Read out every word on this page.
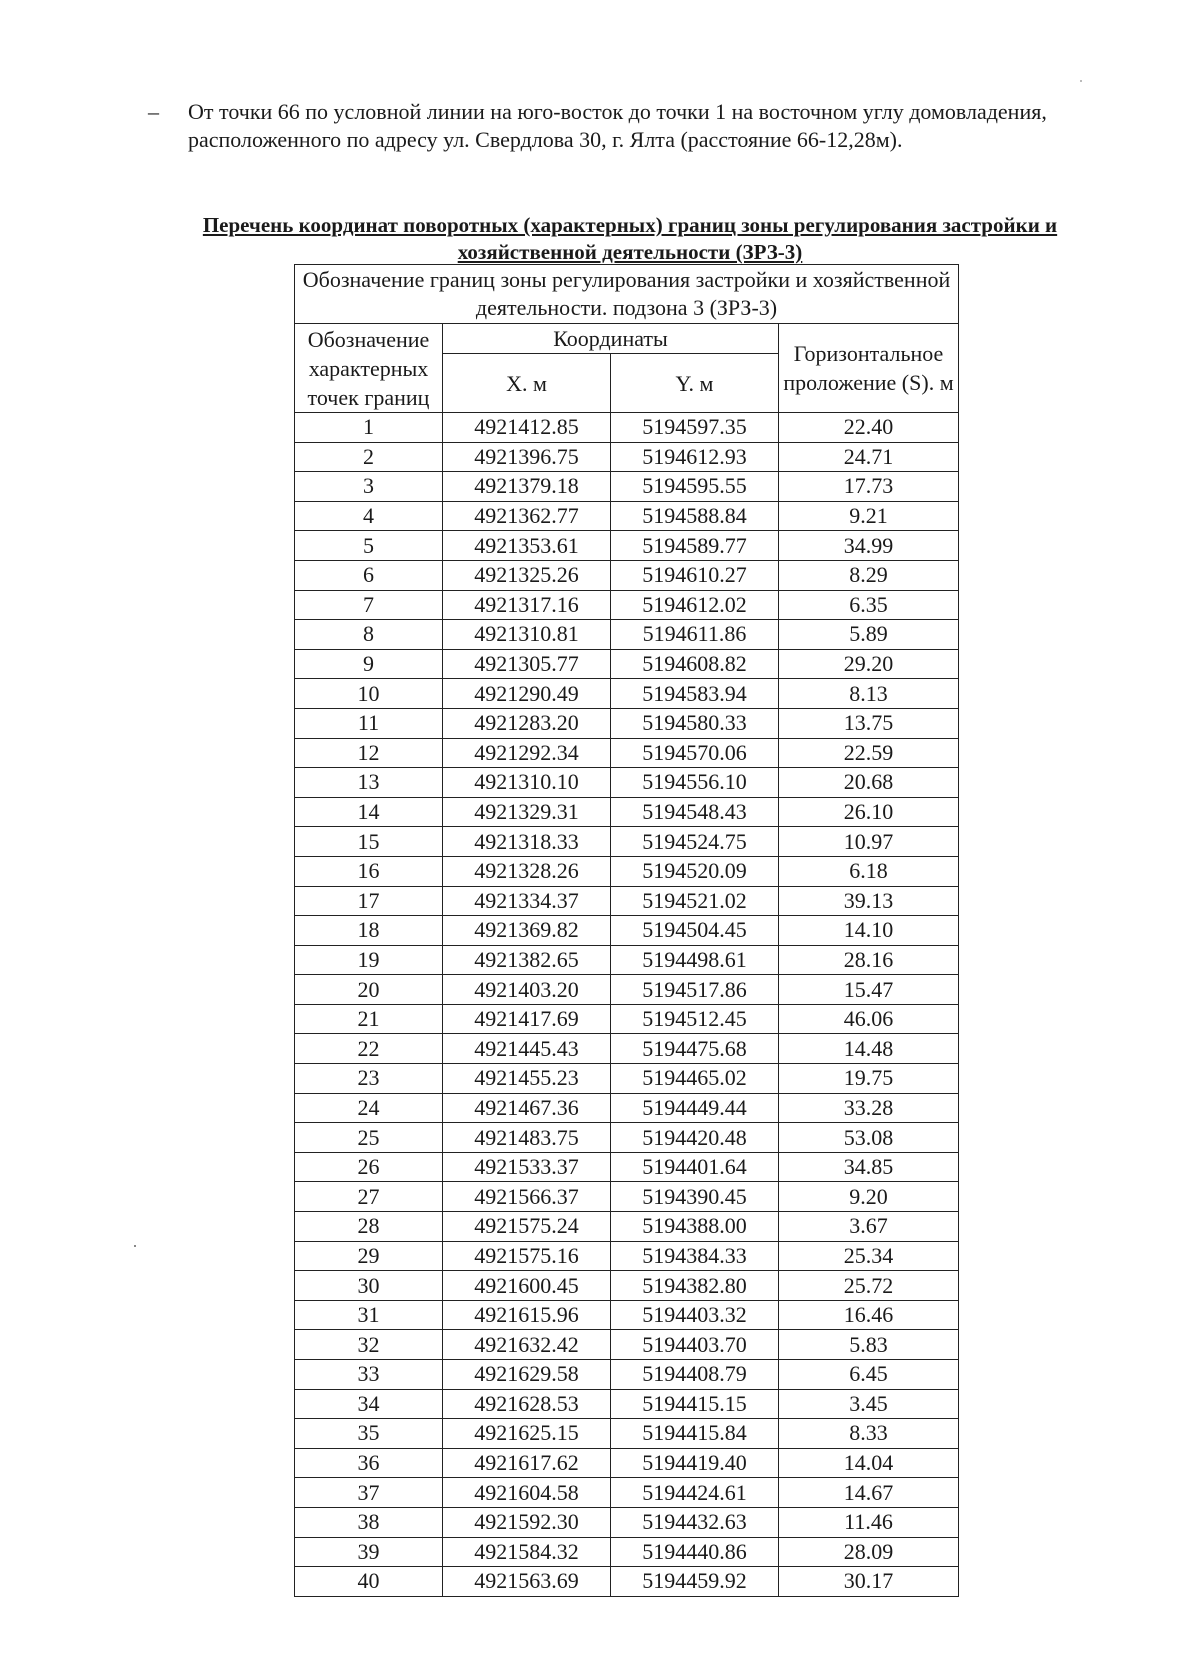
– От точки 66 по условной линии на юго-восток до точки 1 на восточном углу домовладения, расположенного по адресу ул. Свердлова 30, г. Ялта (расстояние 66-12,28м).
Перечень координат поворотных (характерных) границ зоны регулирования застройки и хозяйственной деятельности (ЗРЗ-3)
Обозначение границ зоны регулирования застройки и хозяйственной деятельности. подзона 3 (ЗРЗ-3)			
Обозначение характерных точек границ	Координаты		Горизонтальное проложение (S). м
	X. м	Y. м	
1	4921412.85	5194597.35	22.40
2	4921396.75	5194612.93	24.71
3	4921379.18	5194595.55	17.73
4	4921362.77	5194588.84	9.21
5	4921353.61	5194589.77	34.99
6	4921325.26	5194610.27	8.29
7	4921317.16	5194612.02	6.35
8	4921310.81	5194611.86	5.89
9	4921305.77	5194608.82	29.20
10	4921290.49	5194583.94	8.13
11	4921283.20	5194580.33	13.75
12	4921292.34	5194570.06	22.59
13	4921310.10	5194556.10	20.68
14	4921329.31	5194548.43	26.10
15	4921318.33	5194524.75	10.97
16	4921328.26	5194520.09	6.18
17	4921334.37	5194521.02	39.13
18	4921369.82	5194504.45	14.10
19	4921382.65	5194498.61	28.16
20	4921403.20	5194517.86	15.47
21	4921417.69	5194512.45	46.06
22	4921445.43	5194475.68	14.48
23	4921455.23	5194465.02	19.75
24	4921467.36	5194449.44	33.28
25	4921483.75	5194420.48	53.08
26	4921533.37	5194401.64	34.85
27	4921566.37	5194390.45	9.20
28	4921575.24	5194388.00	3.67
29	4921575.16	5194384.33	25.34
30	4921600.45	5194382.80	25.72
31	4921615.96	5194403.32	16.46
32	4921632.42	5194403.70	5.83
33	4921629.58	5194408.79	6.45
34	4921628.53	5194415.15	3.45
35	4921625.15	5194415.84	8.33
36	4921617.62	5194419.40	14.04
37	4921604.58	5194424.61	14.67
38	4921592.30	5194432.63	11.46
39	4921584.32	5194440.86	28.09
40	4921563.69	5194459.92	30.17
